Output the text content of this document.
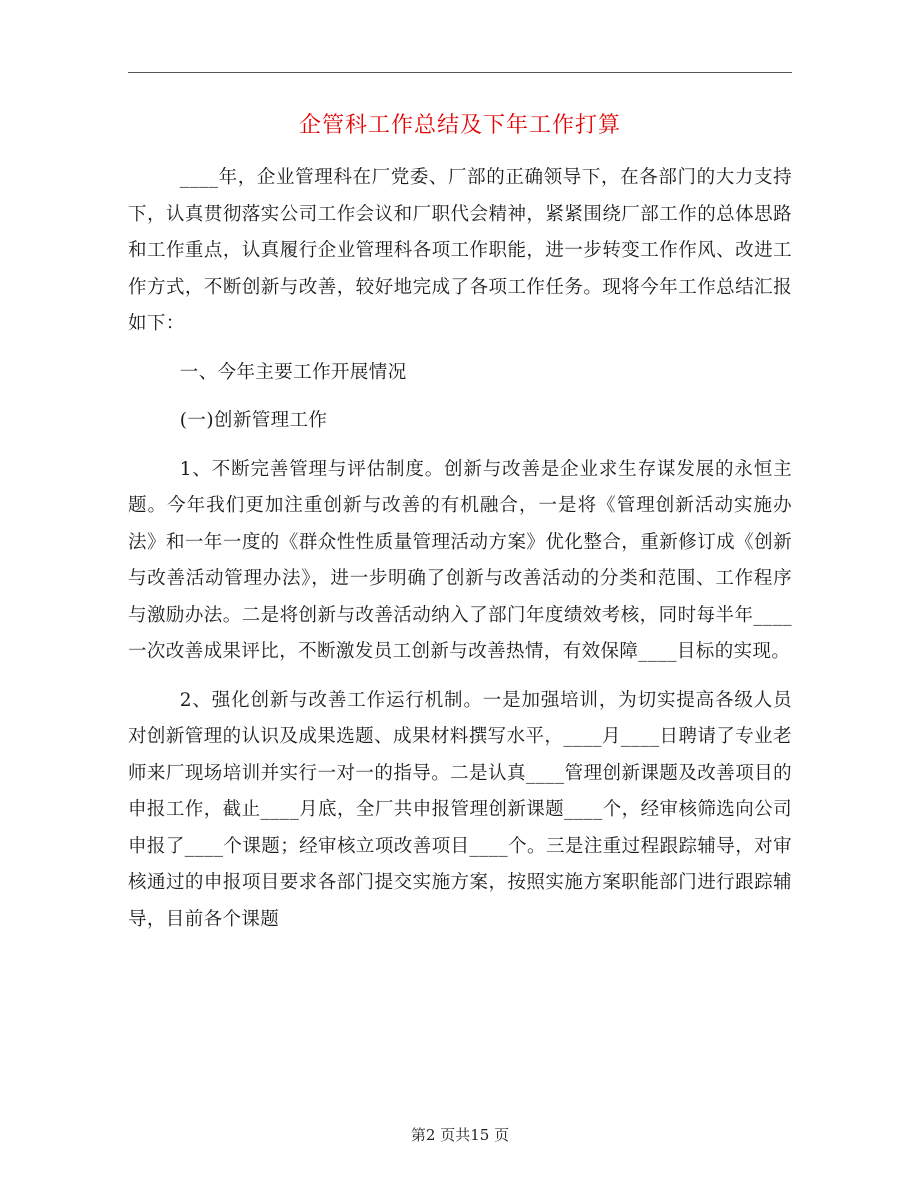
企管科工作总结及下年工作打算

____年，企业管理科在厂党委、厂部的正确领导下，在各部门的大力支持下，认真贯彻落实公司工作会议和厂职代会精神，紧紧围绕厂部工作的总体思路和工作重点，认真履行企业管理科各项工作职能，进一步转变工作作风、改进工作方式，不断创新与改善，较好地完成了各项工作任务。现将今年工作总结汇报如下：

一、今年主要工作开展情况

(一)创新管理工作

1、不断完善管理与评估制度。创新与改善是企业求生存谋发展的永恒主题。今年我们更加注重创新与改善的有机融合，一是将《管理创新活动实施办法》和一年一度的《群众性性质量管理活动方案》优化整合，重新修订成《创新与改善活动管理办法》，进一步明确了创新与改善活动的分类和范围、工作程序与激励办法。二是将创新与改善活动纳入了部门年度绩效考核，同时每半年____一次改善成果评比，不断激发员工创新与改善热情，有效保障____目标的实现。

2、强化创新与改善工作运行机制。一是加强培训，为切实提高各级人员对创新管理的认识及成果选题、成果材料撰写水平，____月____日聘请了专业老师来厂现场培训并实行一对一的指导。二是认真____管理创新课题及改善项目的申报工作，截止____月底，全厂共申报管理创新课题____个，经审核筛选向公司申报了____个课题；经审核立项改善项目____个。三是注重过程跟踪辅导，对审核通过的申报项目要求各部门提交实施方案，按照实施方案职能部门进行跟踪辅导，目前各个课题

第2 页共15 页
